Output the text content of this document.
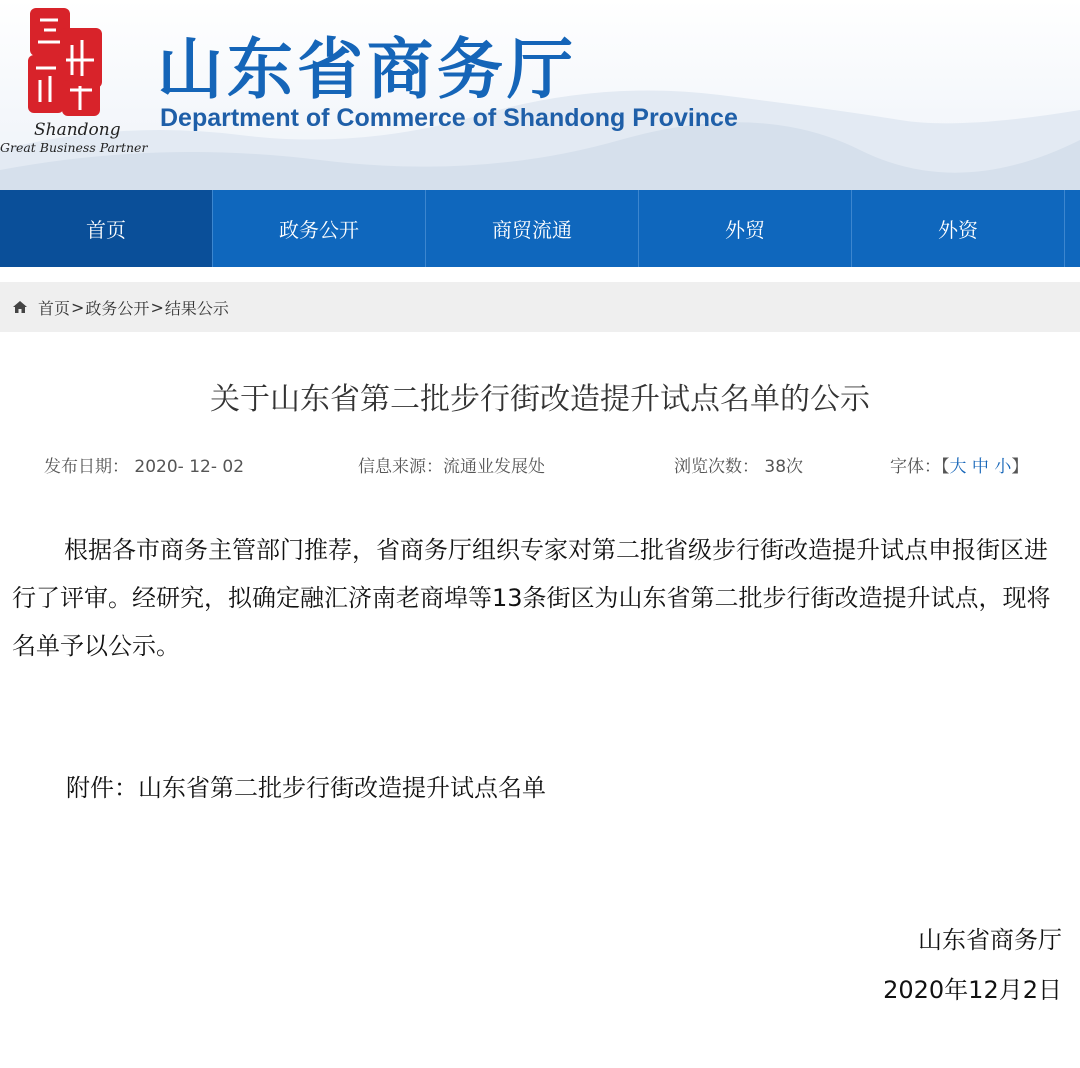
Shandong
Great Business Partner
山东省商务厅
Department of Commerce of Shandong Province
首页	政务公开	商贸流通	外贸	外资
首页 > 政务公开 > 结果公示
关于山东省第二批步行街改造提升试点名单的公示
发布日期： 2020- 12- 02	信息来源：流通业发展处	浏览次数： 38次	字体：【大 中 小】
根据各市商务主管部门推荐，省商务厅组织专家对第二批省级步行街改造提升试点申报街区进行了评审。经研究，拟确定融汇济南老商埠等13条街区为山东省第二批步行街改造提升试点，现将名单予以公示。
附件：山东省第二批步行街改造提升试点名单
山东省商务厅
2020年12月2日
